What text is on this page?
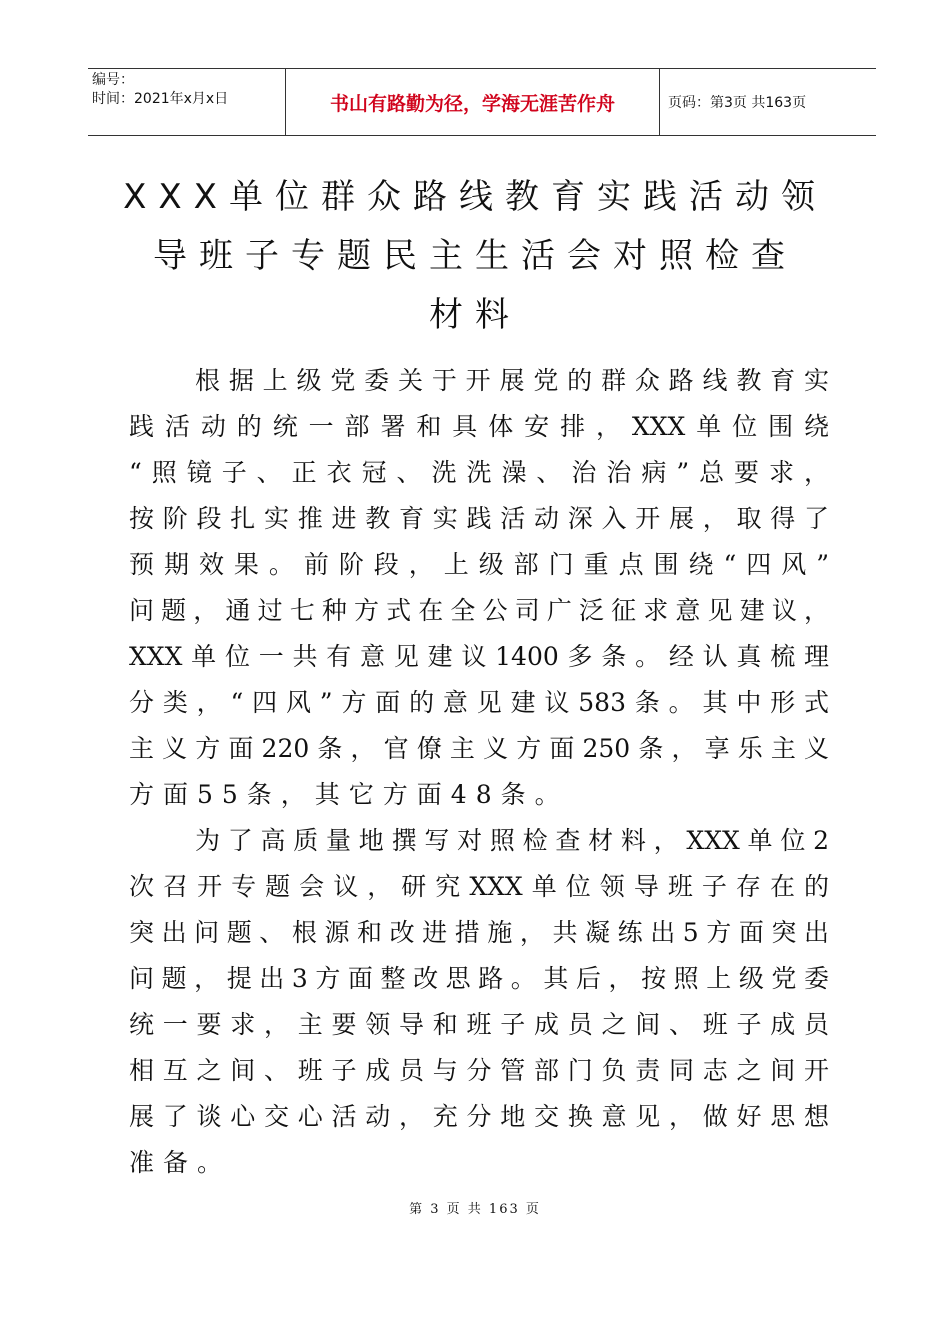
编号：
时间：2021年x月x日	书山有路勤为径，学海无涯苦作舟	页码：第3页 共163页
XXX单位群众路线教育实践活动领
导班子专题民主生活会对照检查
材料
根据上级党委关于开展党的群众路线教育实
践活动的统一部署和具体安排，XXX单位围绕
“照镜子、正衣冠、洗洗澡、治治病”总要求，
按阶段扎实推进教育实践活动深入开展，取得了
预期效果。前阶段，上级部门重点围绕“四风”
问题，通过七种方式在全公司广泛征求意见建议，
XXX单位一共有意见建议1400多条。经认真梳理
分类，“四风”方面的意见建议583条。其中形式
主义方面220条，官僚主义方面250条，享乐主义
方面55条，其它方面48条。
为了高质量地撰写对照检查材料，XXX单位2
次召开专题会议，研究XXX单位领导班子存在的
突出问题、根源和改进措施，共凝练出5方面突出
问题，提出3方面整改思路。其后，按照上级党委
统一要求，主要领导和班子成员之间、班子成员
相互之间、班子成员与分管部门负责同志之间开
展了谈心交心活动，充分地交换意见，做好思想
准备。
第 3 页 共 163 页
